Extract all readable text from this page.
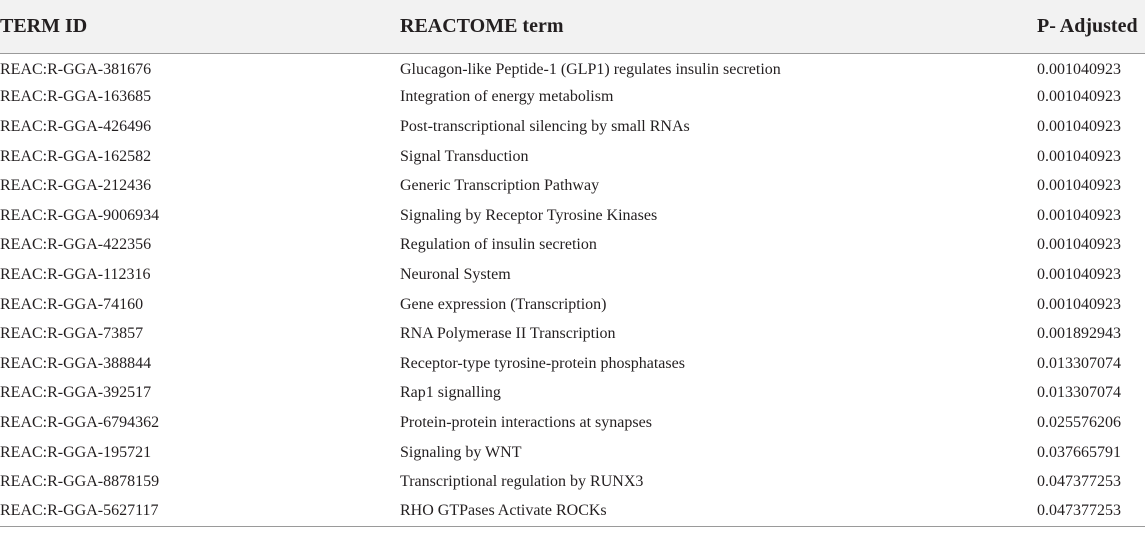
TERM ID	REACTOME term	P- Adjusted
REAC:R-GGA-381676	Glucagon-like Peptide-1 (GLP1) regulates insulin secretion	0.001040923
REAC:R-GGA-163685	Integration of energy metabolism	0.001040923
REAC:R-GGA-426496	Post-transcriptional silencing by small RNAs	0.001040923
REAC:R-GGA-162582	Signal Transduction	0.001040923
REAC:R-GGA-212436	Generic Transcription Pathway	0.001040923
REAC:R-GGA-9006934	Signaling by Receptor Tyrosine Kinases	0.001040923
REAC:R-GGA-422356	Regulation of insulin secretion	0.001040923
REAC:R-GGA-112316	Neuronal System	0.001040923
REAC:R-GGA-74160	Gene expression (Transcription)	0.001040923
REAC:R-GGA-73857	RNA Polymerase II Transcription	0.001892943
REAC:R-GGA-388844	Receptor-type tyrosine-protein phosphatases	0.013307074
REAC:R-GGA-392517	Rap1 signalling	0.013307074
REAC:R-GGA-6794362	Protein-protein interactions at synapses	0.025576206
REAC:R-GGA-195721	Signaling by WNT	0.037665791
REAC:R-GGA-8878159	Transcriptional regulation by RUNX3	0.047377253
REAC:R-GGA-5627117	RHO GTPases Activate ROCKs	0.047377253
